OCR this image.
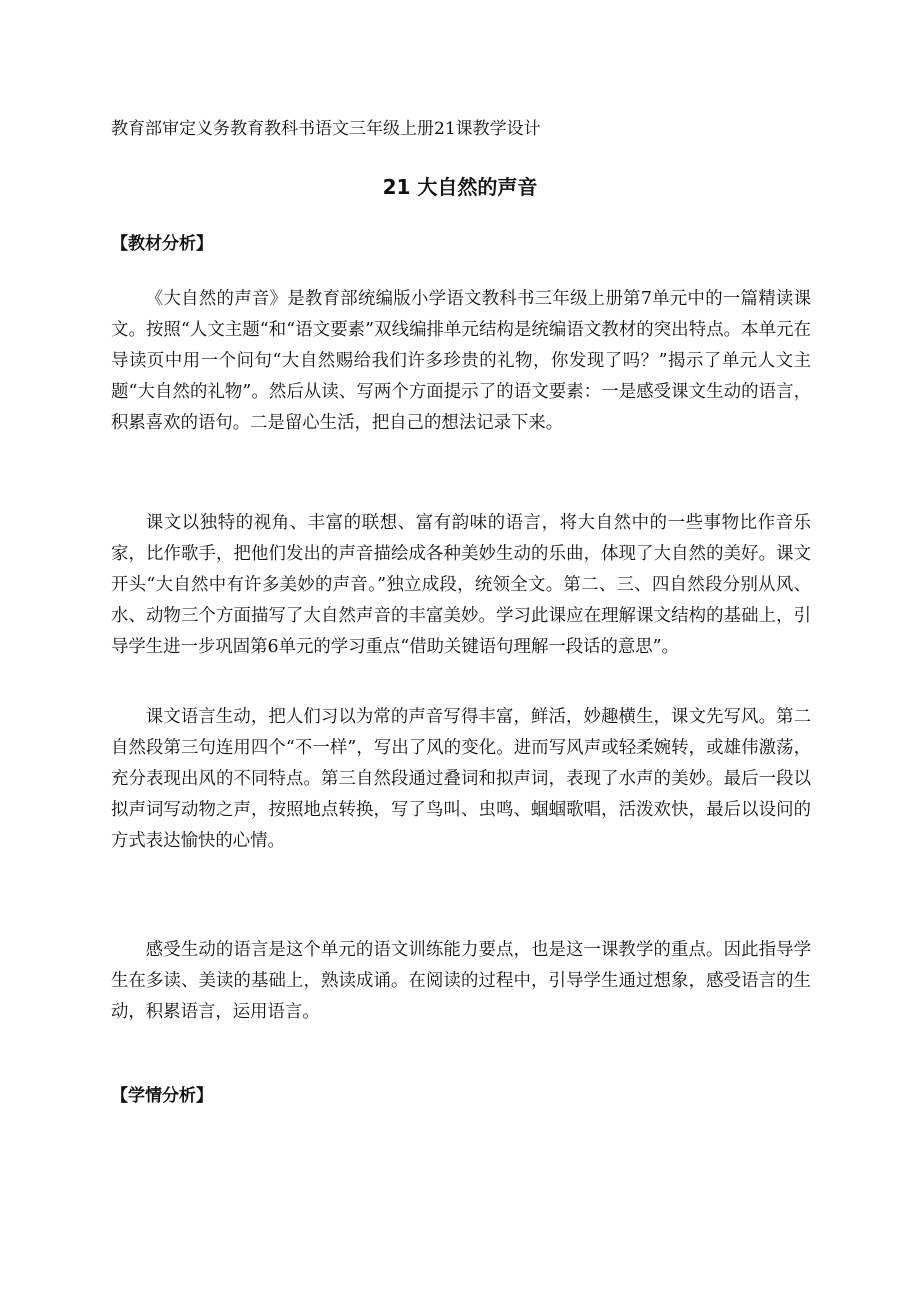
教育部审定义务教育教科书语文三年级上册21课教学设计
21 大自然的声音
【教材分析】

《大自然的声音》是教育部统编版小学语文教科书三年级上册第7单元中的一篇精读课文。按照“人文主题“和“语文要素”双线编排单元结构是统编语文教材的突出特点。本单元在导读页中用一个问句“大自然赐给我们许多珍贵的礼物，你发现了吗？”揭示了单元人文主题“大自然的礼物”。然后从读、写两个方面提示了的语文要素：一是感受课文生动的语言，积累喜欢的语句。二是留心生活，把自己的想法记录下来。

课文以独特的视角、丰富的联想、富有韵味的语言，将大自然中的一些事物比作音乐家，比作歌手，把他们发出的声音描绘成各种美妙生动的乐曲，体现了大自然的美好。课文开头“大自然中有许多美妙的声音。”独立成段，统领全文。第二、三、四自然段分别从风、水、动物三个方面描写了大自然声音的丰富美妙。学习此课应在理解课文结构的基础上，引导学生进一步巩固第6单元的学习重点“借助关键语句理解一段话的意思”。

课文语言生动，把人们习以为常的声音写得丰富，鲜活，妙趣横生，课文先写风。第二自然段第三句连用四个“不一样”，写出了风的变化。进而写风声或轻柔婉转，或雄伟激荡，充分表现出风的不同特点。第三自然段通过叠词和拟声词，表现了水声的美妙。最后一段以拟声词写动物之声，按照地点转换，写了鸟叫、虫鸣、蝈蝈歌唱，活泼欢快，最后以设问的方式表达愉快的心情。

感受生动的语言是这个单元的语文训练能力要点，也是这一课教学的重点。因此指导学生在多读、美读的基础上，熟读成诵。在阅读的过程中，引导学生通过想象，感受语言的生动，积累语言，运用语言。

【学情分析】
